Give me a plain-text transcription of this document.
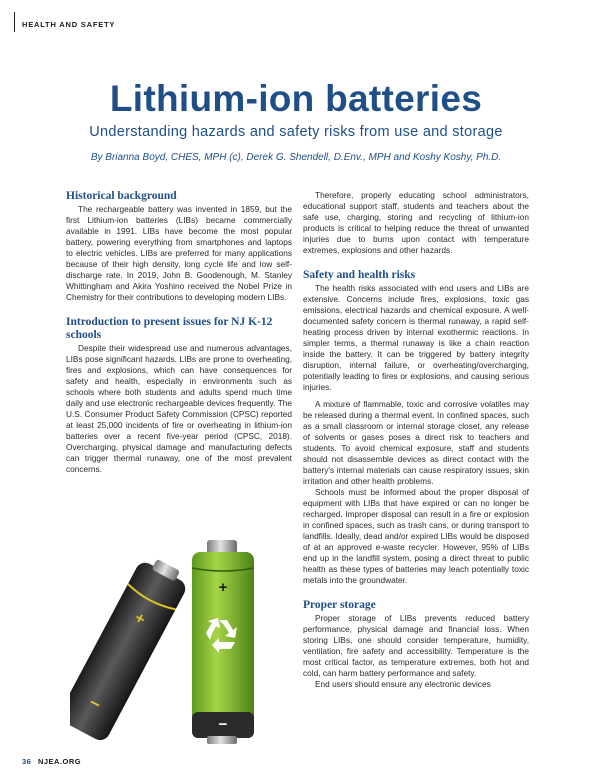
HEALTH AND SAFETY
Lithium-ion batteries
Understanding hazards and safety risks from use and storage
By Brianna Boyd, CHES, MPH (c), Derek G. Shendell, D.Env., MPH and Koshy Koshy, Ph.D.
Historical background

The rechargeable battery was invented in 1859, but the first Lithium-ion batteries (LIBs) became commercially available in 1991. LIBs have become the most popular battery, powering everything from smartphones and laptops to electric vehicles. LIBs are preferred for many applications because of their high density, long cycle life and low self-discharge rate. In 2019, John B. Goodenough, M. Stanley Whittingham and Akira Yoshino received the Nobel Prize in Chemistry for their contributions to developing modern LIBs.

Introduction to present issues for NJ K-12 schools

Despite their widespread use and numerous advantages, LIBs pose significant hazards. LIBs are prone to overheating, fires and explosions, which can have consequences for safety and health, especially in environments such as schools where both students and adults spend much time daily and use electronic rechargeable devices frequently. The U.S. Consumer Product Safety Commission (CPSC) reported at least 25,000 incidents of fire or overheating in lithium-ion batteries over a recent five-year period (CPSC, 2018). Overcharging, physical damage and manufacturing defects can trigger thermal runaway, one of the most prevalent concerns.

Therefore, properly educating school administrators, educational support staff, students and teachers about the safe use, charging, storing and recycling of lithium-ion products is critical to helping reduce the threat of unwanted injuries due to burns upon contact with temperature extremes, explosions and other hazards.

Safety and health risks

The health risks associated with end users and LIBs are extensive. Concerns include fires, explosions, toxic gas emissions, electrical hazards and chemical exposure. A well-documented safety concern is thermal runaway, a rapid self-heating process driven by internal exothermic reactions. In simpler terms, a thermal runaway is like a chain reaction inside the battery. It can be triggered by battery integrity disruption, internal failure, or overheating/overcharging, potentially leading to fires or explosions, and causing serious injuries.

A mixture of flammable, toxic and corrosive volatiles may be released during a thermal event. In confined spaces, such as a small classroom or internal storage closet, any release of solvents or gases poses a direct risk to teachers and students. To avoid chemical exposure, staff and students should not disassemble devices as direct contact with the battery's internal materials can cause respiratory issues, skin irritation and other health problems.

Schools must be informed about the proper disposal of equipment with LIBs that have expired or can no longer be recharged. Improper disposal can result in a fire or explosion in confined spaces, such as trash cans, or during transport to landfills. Ideally, dead and/or expired LIBs would be disposed of at an approved e-waste recycler. However, 95% of LIBs end up in the landfill system, posing a direct threat to public health as these types of batteries may leach potentially toxic metals into the groundwater.

Proper storage

Proper storage of LIBs prevents reduced battery performance, physical damage and financial loss. When storing LIBs, one should consider temperature, humidity, ventilation, fire safety and accessibility. Temperature is the most critical factor, as temperature extremes, both hot and cold, can harm battery performance and safety.

End users should ensure any electronic devices

+
−
+
−
36 NJEA.ORG
